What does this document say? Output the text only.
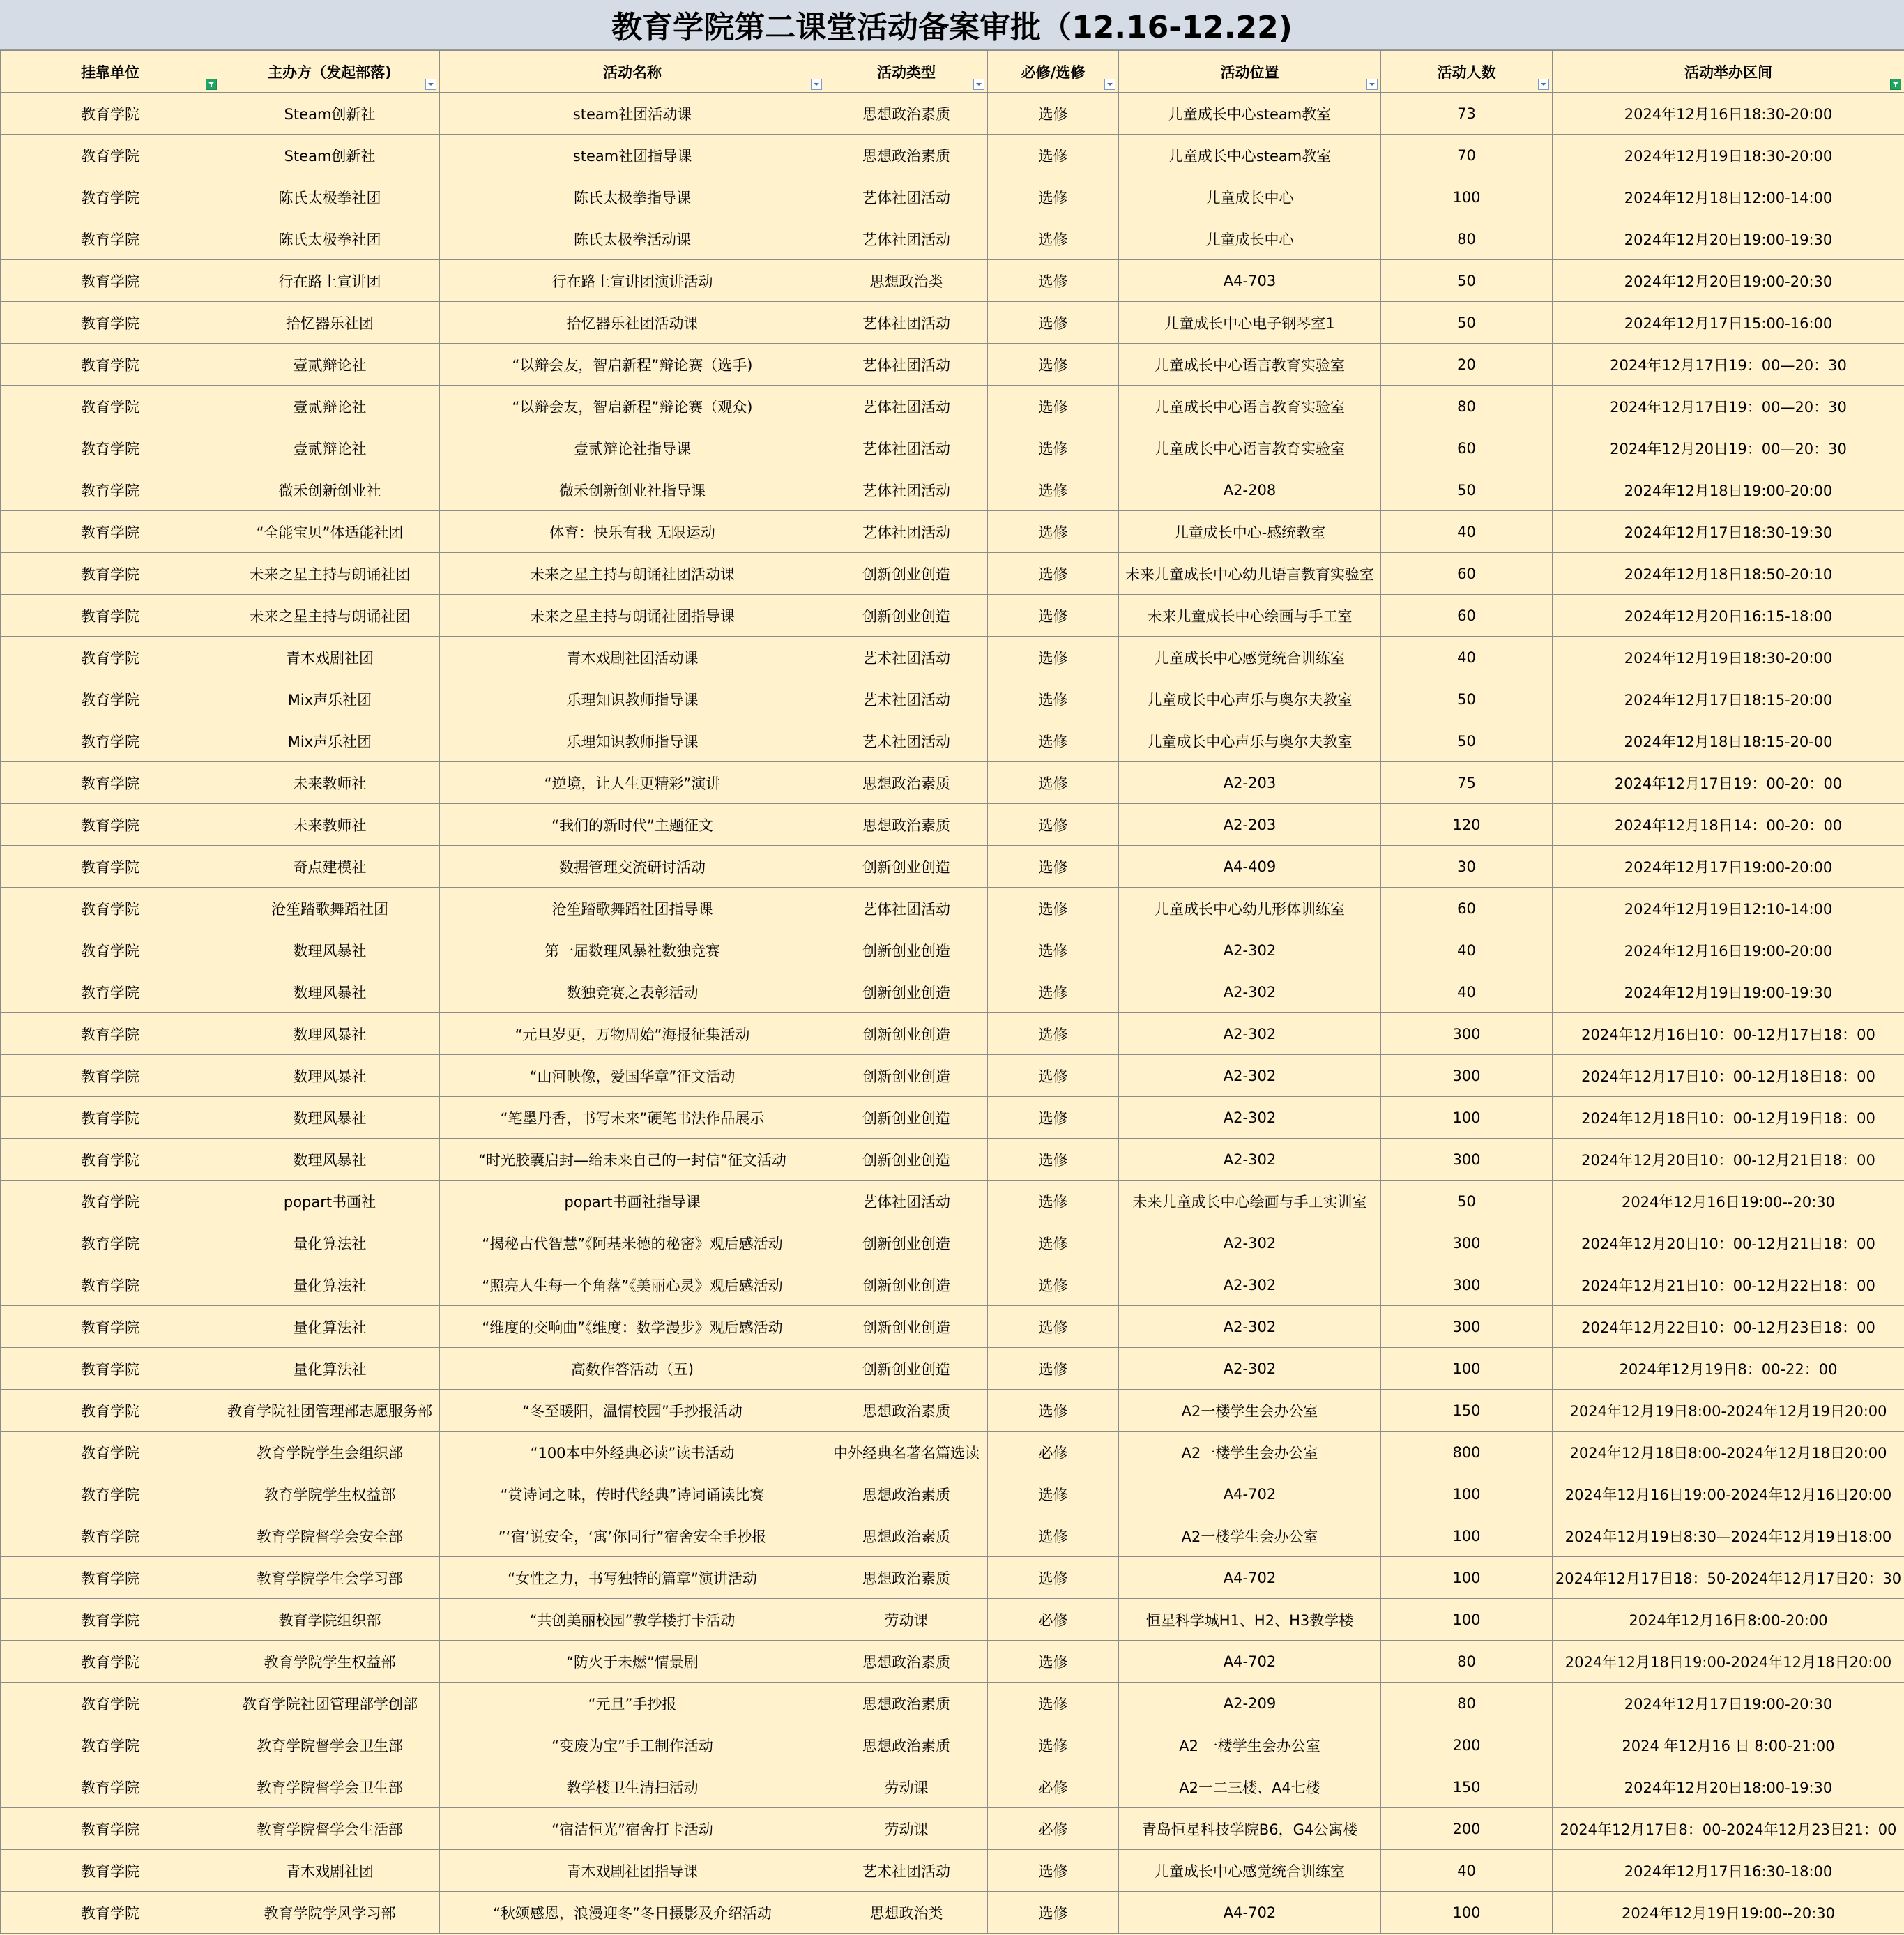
教育学院第二课堂活动备案审批（12.16-12.22)
挂靠单位	主办方（发起部落)	活动名称	活动类型	必修/选修	活动位置	活动人数	活动举办区间

教育学院	Steam创新社	steam社团活动课	思想政治素质	选修	儿童成长中心steam教室	73	2024年12月16日18:30-20:00
教育学院	Steam创新社	steam社团指导课	思想政治素质	选修	儿童成长中心steam教室	70	2024年12月19日18:30-20:00
教育学院	陈氏太极拳社团	陈氏太极拳指导课	艺体社团活动	选修	儿童成长中心	100	2024年12月18日12:00-14:00
教育学院	陈氏太极拳社团	陈氏太极拳活动课	艺体社团活动	选修	儿童成长中心	80	2024年12月20日19:00-19:30
教育学院	行在路上宣讲团	行在路上宣讲团演讲活动	思想政治类	选修	A4-703	50	2024年12月20日19:00-20:30
教育学院	拾忆器乐社团	拾忆器乐社团活动课	艺体社团活动	选修	儿童成长中心电子钢琴室1	50	2024年12月17日15:00-16:00
教育学院	壹贰辩论社	“以辩会友，智启新程”辩论赛（选手)	艺体社团活动	选修	儿童成长中心语言教育实验室	20	2024年12月17日19：00—20：30
教育学院	壹贰辩论社	“以辩会友，智启新程”辩论赛（观众)	艺体社团活动	选修	儿童成长中心语言教育实验室	80	2024年12月17日19：00—20：30
教育学院	壹贰辩论社	壹贰辩论社指导课	艺体社团活动	选修	儿童成长中心语言教育实验室	60	2024年12月20日19：00—20：30
教育学院	微禾创新创业社	微禾创新创业社指导课	艺体社团活动	选修	A2-208	50	2024年12月18日19:00-20:00
教育学院	“全能宝贝”体适能社团	体育：快乐有我 无限运动	艺体社团活动	选修	儿童成长中心-感统教室	40	2024年12月17日18:30-19:30
教育学院	未来之星主持与朗诵社团	未来之星主持与朗诵社团活动课	创新创业创造	选修	未来儿童成长中心幼儿语言教育实验室	60	2024年12月18日18:50-20:10
教育学院	未来之星主持与朗诵社团	未来之星主持与朗诵社团指导课	创新创业创造	选修	未来儿童成长中心绘画与手工室	60	2024年12月20日16:15-18:00
教育学院	青木戏剧社团	青木戏剧社团活动课	艺术社团活动	选修	儿童成长中心感觉统合训练室	40	2024年12月19日18:30-20:00
教育学院	Mix声乐社团	乐理知识教师指导课	艺术社团活动	选修	儿童成长中心声乐与奥尔夫教室	50	2024年12月17日18:15-20:00
教育学院	Mix声乐社团	乐理知识教师指导课	艺术社团活动	选修	儿童成长中心声乐与奥尔夫教室	50	2024年12月18日18:15-20-00
教育学院	未来教师社	“逆境，让人生更精彩”演讲	思想政治素质	选修	A2-203	75	2024年12月17日19：00-20：00
教育学院	未来教师社	“我们的新时代”主题征文	思想政治素质	选修	A2-203	120	2024年12月18日14：00-20：00
教育学院	奇点建模社	数据管理交流研讨活动	创新创业创造	选修	A4-409	30	2024年12月17日19:00-20:00
教育学院	沧笙踏歌舞蹈社团	沧笙踏歌舞蹈社团指导课	艺体社团活动	选修	儿童成长中心幼儿形体训练室	60	2024年12月19日12:10-14:00
教育学院	数理风暴社	第一届数理风暴社数独竞赛	创新创业创造	选修	A2-302	40	2024年12月16日19:00-20:00
教育学院	数理风暴社	数独竞赛之表彰活动	创新创业创造	选修	A2-302	40	2024年12月19日19:00-19:30
教育学院	数理风暴社	“元旦岁更，万物周始”海报征集活动	创新创业创造	选修	A2-302	300	2024年12月16日10：00-12月17日18：00
教育学院	数理风暴社	“山河映像，爱国华章”征文活动	创新创业创造	选修	A2-302	300	2024年12月17日10：00-12月18日18：00
教育学院	数理风暴社	“笔墨丹香，书写未来”硬笔书法作品展示	创新创业创造	选修	A2-302	100	2024年12月18日10：00-12月19日18：00
教育学院	数理风暴社	“时光胶囊启封—给未来自己的一封信”征文活动	创新创业创造	选修	A2-302	300	2024年12月20日10：00-12月21日18：00
教育学院	popart书画社	popart书画社指导课	艺体社团活动	选修	未来儿童成长中心绘画与手工实训室	50	2024年12月16日19:00--20:30
教育学院	量化算法社	“揭秘古代智慧”《阿基米德的秘密》观后感活动	创新创业创造	选修	A2-302	300	2024年12月20日10：00-12月21日18：00
教育学院	量化算法社	“照亮人生每一个角落”《美丽心灵》观后感活动	创新创业创造	选修	A2-302	300	2024年12月21日10：00-12月22日18：00
教育学院	量化算法社	“维度的交响曲”《维度：数学漫步》观后感活动	创新创业创造	选修	A2-302	300	2024年12月22日10：00-12月23日18：00
教育学院	量化算法社	高数作答活动（五)	创新创业创造	选修	A2-302	100	2024年12月19日8：00-22：00
教育学院	教育学院社团管理部志愿服务部	“冬至暖阳，温情校园”手抄报活动	思想政治素质	选修	A2一楼学生会办公室	150	2024年12月19日8:00-2024年12月19日20:00
教育学院	教育学院学生会组织部	“100本中外经典必读”读书活动	中外经典名著名篇选读	必修	A2一楼学生会办公室	800	2024年12月18日8:00-2024年12月18日20:00
教育学院	教育学院学生权益部	“赏诗词之味，传时代经典”诗词诵读比赛	思想政治素质	选修	A4-702	100	2024年12月16日19:00-2024年12月16日20:00
教育学院	教育学院督学会安全部	”‘宿’说安全，‘寓’你同行”宿舍安全手抄报	思想政治素质	选修	A2一楼学生会办公室	100	2024年12月19日8:30—2024年12月19日18:00
教育学院	教育学院学生会学习部	“女性之力，书写独特的篇章”演讲活动	思想政治素质	选修	A4-702	100	2024年12月17日18：50-2024年12月17日20：30
教育学院	教育学院组织部	“共创美丽校园”教学楼打卡活动	劳动课	必修	恒星科学城H1、H2、H3教学楼	100	2024年12月16日8:00-20:00
教育学院	教育学院学生权益部	“防火于未燃”情景剧	思想政治素质	选修	A4-702	80	2024年12月18日19:00-2024年12月18日20:00
教育学院	教育学院社团管理部学创部	“元旦”手抄报	思想政治素质	选修	A2-209	80	2024年12月17日19:00-20:30
教育学院	教育学院督学会卫生部	“变废为宝”手工制作活动	思想政治素质	选修	A2 一楼学生会办公室	200	2024 年12月16 日 8:00-21:00
教育学院	教育学院督学会卫生部	教学楼卫生清扫活动	劳动课	必修	A2一二三楼、A4七楼	150	2024年12月20日18:00-19:30
教育学院	教育学院督学会生活部	“宿洁恒光”宿舍打卡活动	劳动课	必修	青岛恒星科技学院B6，G4公寓楼	200	2024年12月17日8：00-2024年12月23日21：00
教育学院	青木戏剧社团	青木戏剧社团指导课	艺术社团活动	选修	儿童成长中心感觉统合训练室	40	2024年12月17日16:30-18:00
教育学院	教育学院学风学习部	“秋颂感恩，浪漫迎冬”冬日摄影及介绍活动	思想政治类	选修	A4-702	100	2024年12月19日19:00--20:30
